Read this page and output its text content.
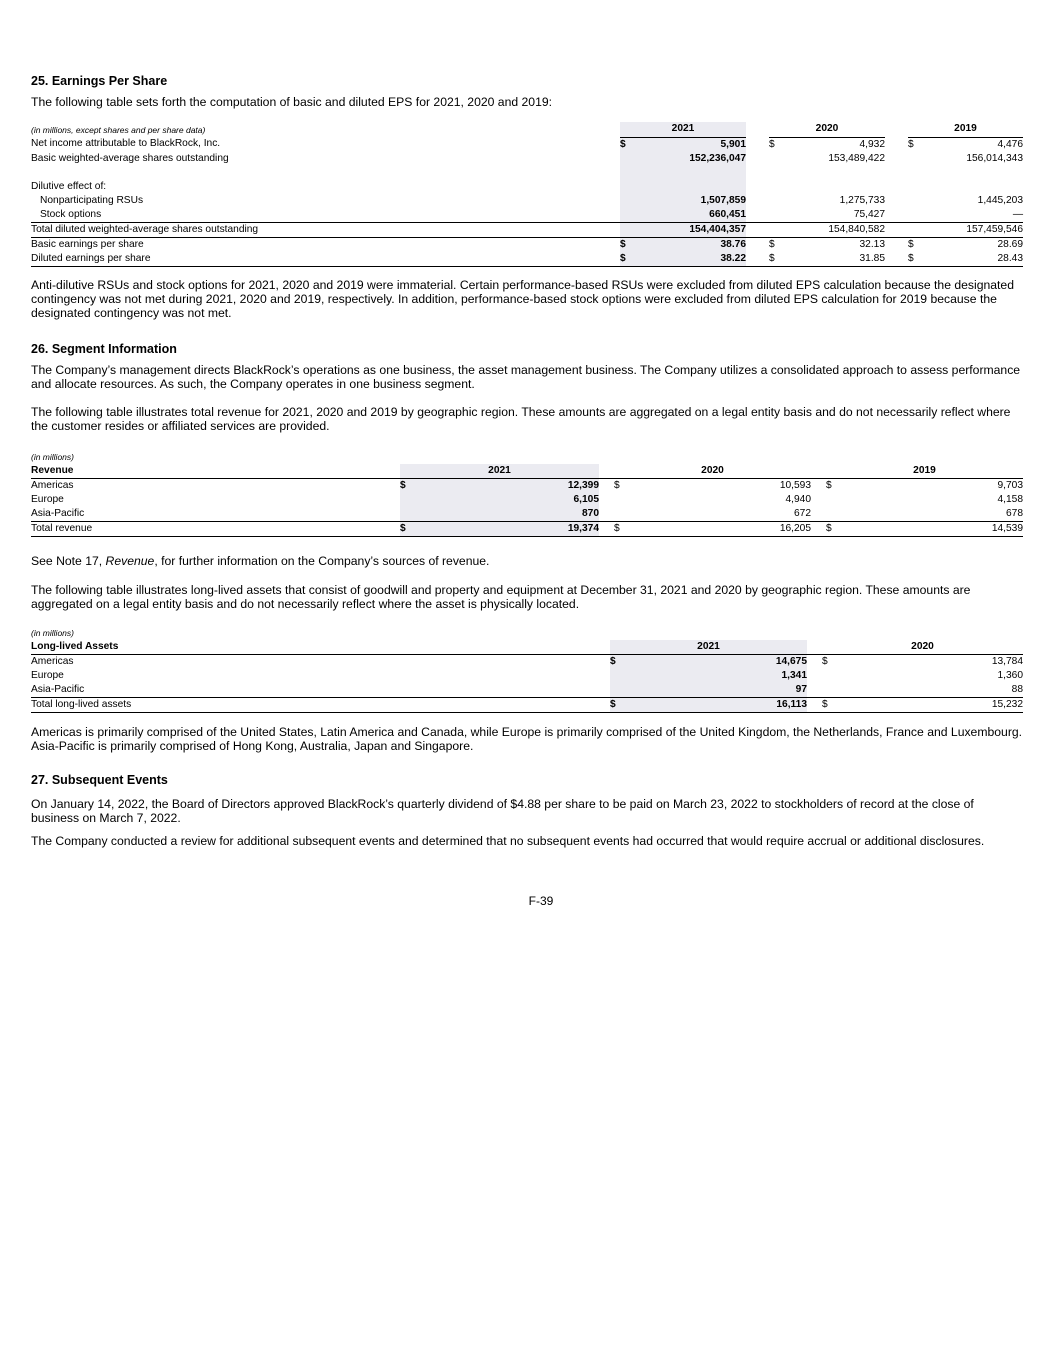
25. Earnings Per Share

The following table sets forth the computation of basic and diluted EPS for 2021, 2020 and 2019:

(in millions, except shares and per share data)	2021			2020			2019	
Net income attributable to BlackRock, Inc.	$	5,901		$	4,932		$	4,476
Basic weighted-average shares outstanding		152,236,047			153,489,422			156,014,343

Dilutive effect of:								
Nonparticipating RSUs		1,507,859			1,275,733			1,445,203
Stock options		660,451			75,427			—
Total diluted weighted-average shares outstanding		154,404,357			154,840,582			157,459,546
Basic earnings per share	$	38.76		$	32.13		$	28.69
Diluted earnings per share	$	38.22		$	31.85		$	28.43

Anti-dilutive RSUs and stock options for 2021, 2020 and 2019 were immaterial. Certain performance-based RSUs were excluded from diluted EPS calculation because the designated contingency was not met during 2021, 2020 and 2019, respectively. In addition, performance-based stock options were excluded from diluted EPS calculation for 2019 because the designated contingency was not met.

26. Segment Information

The Company’s management directs BlackRock’s operations as one business, the asset management business. The Company utilizes a consolidated approach to assess performance and allocate resources. As such, the Company operates in one business segment.

The following table illustrates total revenue for 2021, 2020 and 2019 by geographic region. These amounts are aggregated on a legal entity basis and do not necessarily reflect where the customer resides or affiliated services are provided.

(in millions)								
Revenue	2021			2020			2019	
Americas	$	12,399		$	10,593		$	9,703
Europe		6,105			4,940			4,158
Asia-Pacific		870			672			678
Total revenue	$	19,374		$	16,205		$	14,539

See Note 17, Revenue, for further information on the Company’s sources of revenue.

The following table illustrates long-lived assets that consist of goodwill and property and equipment at December 31, 2021 and 2020 by geographic region. These amounts are aggregated on a legal entity basis and do not necessarily reflect where the asset is physically located.

(in millions)					
Long-lived Assets	2021			2020	
Americas	$	14,675		$	13,784
Europe		1,341			1,360
Asia-Pacific		97			88
Total long-lived assets	$	16,113		$	15,232

Americas is primarily comprised of the United States, Latin America and Canada, while Europe is primarily comprised of the United Kingdom, the Netherlands, France and Luxembourg. Asia-Pacific is primarily comprised of Hong Kong, Australia, Japan and Singapore.

27. Subsequent Events

On January 14, 2022, the Board of Directors approved BlackRock’s quarterly dividend of $4.88 per share to be paid on March 23, 2022 to stockholders of record at the close of business on March 7, 2022.

The Company conducted a review for additional subsequent events and determined that no subsequent events had occurred that would require accrual or additional disclosures.

F-39
